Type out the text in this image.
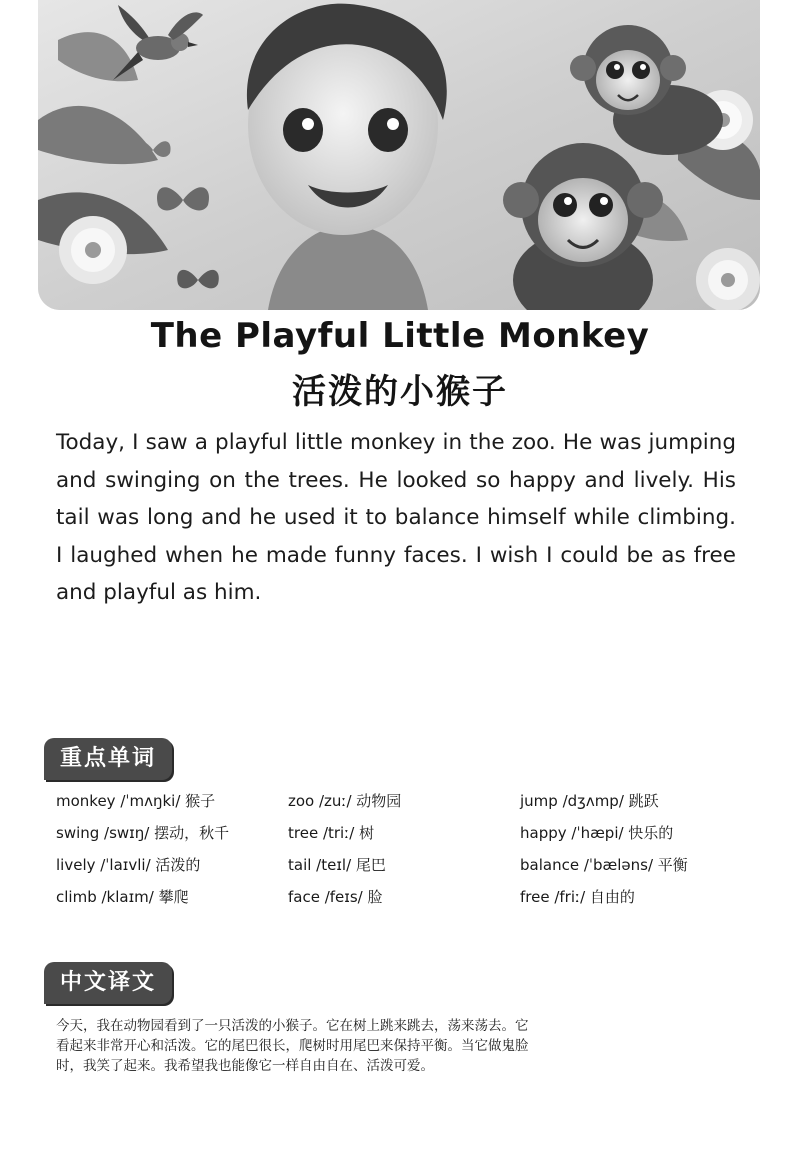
The Playful Little Monkey
活泼的小猴子

Today, I saw a playful little monkey in the zoo. He was jumping and swinging on the trees. He looked so happy and lively. His tail was long and he used it to balance himself while climbing. I laughed when he made funny faces. I wish I could be as free and playful as him.

重点单词
monkey /ˈmʌŋki/ 猴子	zoo /zuː/ 动物园	jump /dʒʌmp/ 跳跃
swing /swɪŋ/ 摆动，秋千	tree /triː/ 树	happy /ˈhæpi/ 快乐的
lively /ˈlaɪvli/ 活泼的	tail /teɪl/ 尾巴	balance /ˈbæləns/ 平衡
climb /klaɪm/ 攀爬	face /feɪs/ 脸	free /friː/ 自由的
中文译文
今天，我在动物园看到了一只活泼的小猴子。它在树上跳来跳去，荡来荡去。它
看起来非常开心和活泼。它的尾巴很长，爬树时用尾巴来保持平衡。当它做鬼脸
时，我笑了起来。我希望我也能像它一样自由自在、活泼可爱。
